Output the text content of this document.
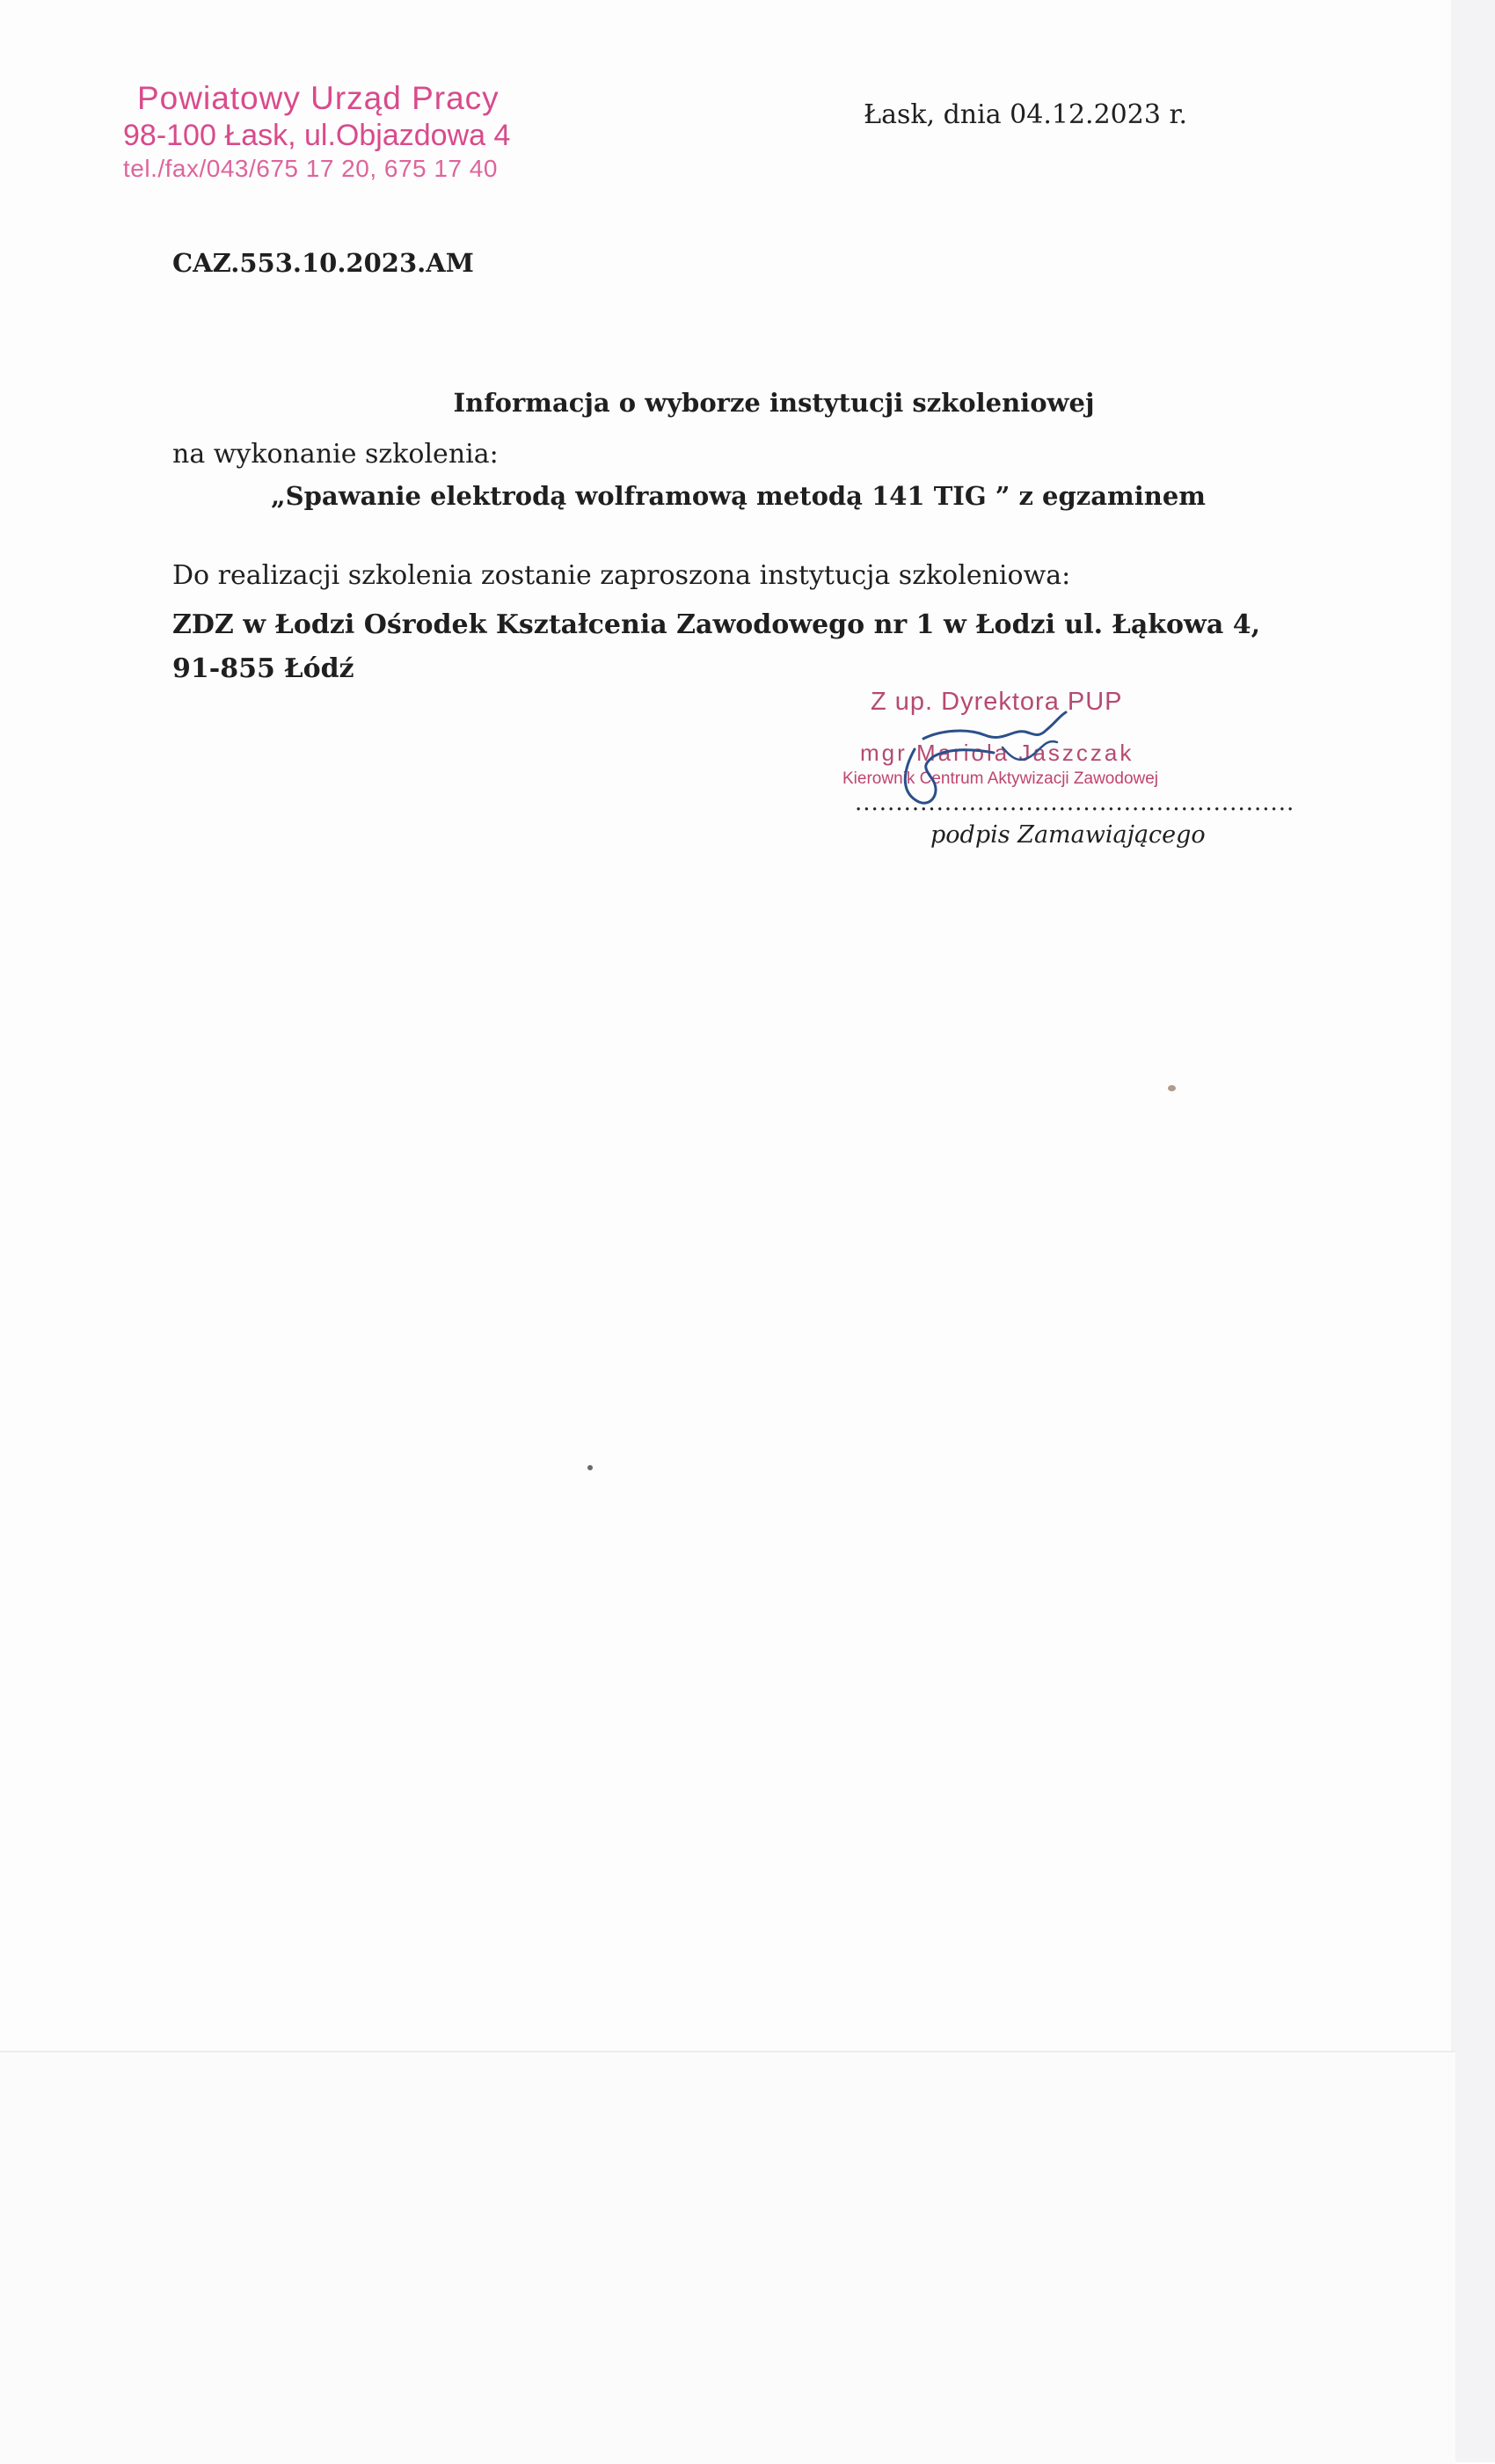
Powiatowy Urząd Pracy
98-100 Łask, ul.Objazdowa 4
tel./fax/043/675 17 20, 675 17 40
Łask, dnia 04.12.2023 r.
CAZ.553.10.2023.AM
Informacja o wyborze instytucji szkoleniowej
na wykonanie szkolenia:
„Spawanie elektrodą wolframową metodą 141 TIG ” z egzaminem
Do realizacji szkolenia zostanie zaproszona instytucja szkoleniowa:
ZDZ w Łodzi Ośrodek Kształcenia Zawodowego nr 1 w Łodzi ul. Łąkowa 4, 91-855 Łódź
Z up. Dyrektora PUP
mgr Mariola Jaszczak
Kierownik Centrum Aktywizacji Zawodowej
......................................................
podpis Zamawiającego
